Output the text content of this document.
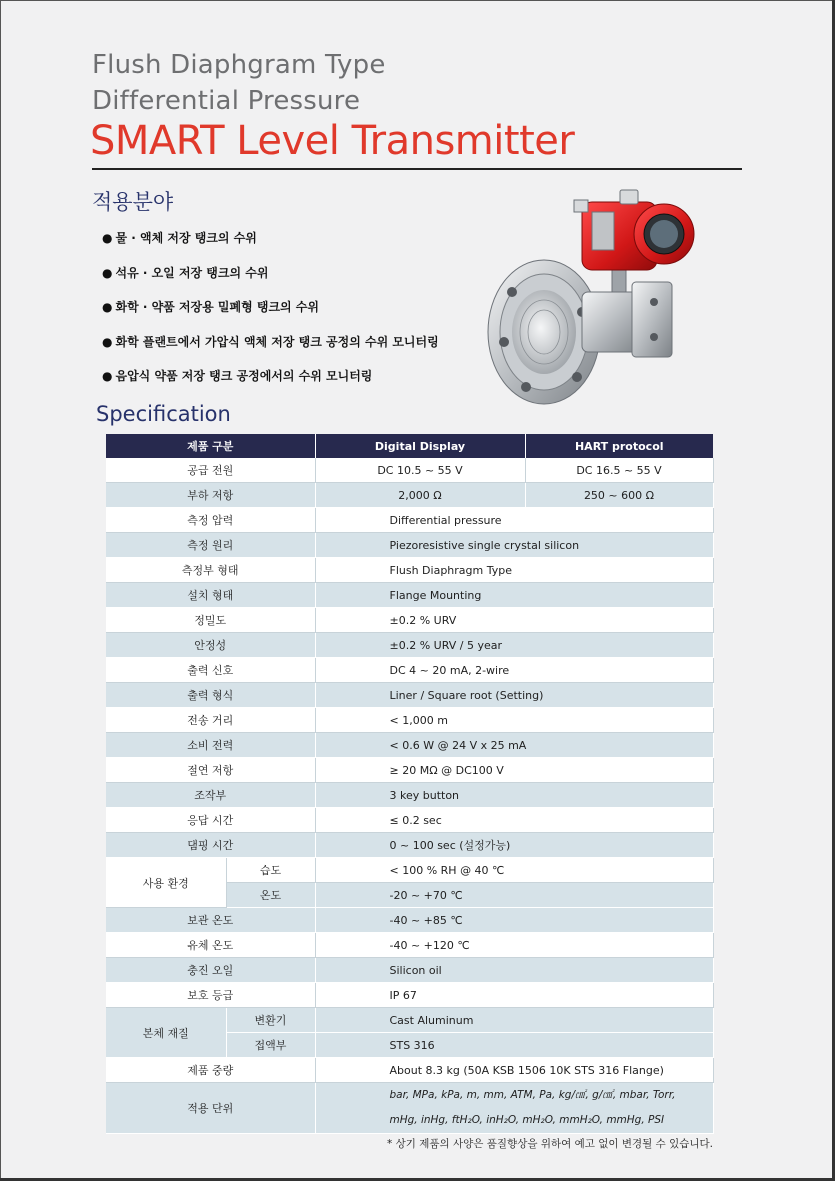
Flush Diaphgram Type
Differential Pressure
SMART Level Transmitter
적용분야
● 물 · 액체 저장 탱크의 수위
● 석유 · 오일 저장 탱크의 수위
● 화학 · 약품 저장용 밀폐형 탱크의 수위
● 화학 플랜트에서 가압식 액체 저장 탱크 공정의 수위 모니터링
● 음압식 약품 저장 탱크 공정에서의 수위 모니터링
Specification
제품 구분		Digital Display	HART protocol
공급 전원		DC 10.5 ~ 55 V	DC 16.5 ~ 55 V
부하 저항		2,000 Ω	250 ~ 600 Ω
측정 압력		Differential pressure	
측정 원리		Piezoresistive single crystal silicon	
측정부 형태		Flush Diaphragm Type	
설치 형태		Flange Mounting	
정밀도		±0.2 % URV	
안정성		±0.2 % URV / 5 year	
출력 신호		DC 4 ~ 20 mA, 2-wire	
출력 형식		Liner / Square root (Setting)	
전송 거리		< 1,000 m	
소비 전력		< 0.6 W @ 24 V x 25 mA	
절연 저항		≥ 20 MΩ @ DC100 V	
조작부		3 key button	
응답 시간		≤ 0.2 sec	
댐핑 시간		0 ~ 100 sec (설정가능)	
사용 환경	습도	< 100 % RH @ 40 ℃	
	온도	-20 ~ +70 ℃	
보관 온도		-40 ~ +85 ℃	
유체 온도		-40 ~ +120 ℃	
충진 오일		Silicon oil	
보호 등급		IP 67	
본체 재질	변환기	Cast Aluminum	
	접액부	STS 316	
제품 중량		About 8.3 kg (50A KSB 1506 10K STS 316 Flange)	
적용 단위		bar, MPa, kPa, m, mm, ATM, Pa, kg/㎠, g/㎠, mbar, Torr,
mHg, inHg, ftH₂O, inH₂O, mH₂O, mmH₂O, mmHg, PSI	
* 상기 제품의 사양은 품질향상을 위하여 예고 없이 변경될 수 있습니다.
